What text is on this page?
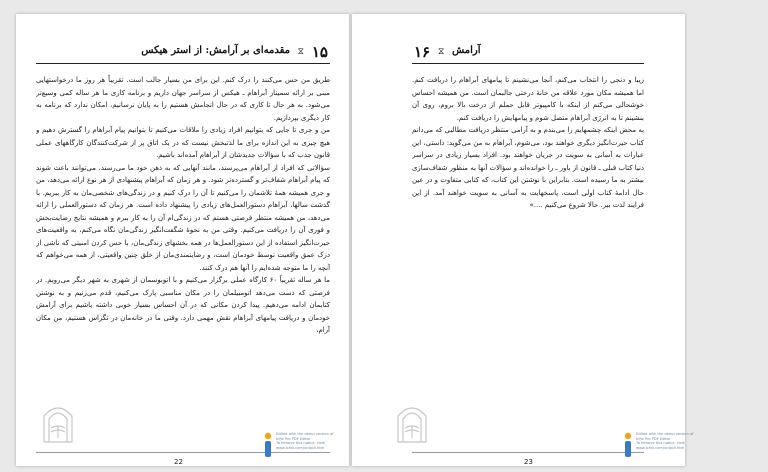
۱۵
⧖
مقدمه‌ای بر آرامش: از استر هیکس

طریق من حس می‌کنند را درک کنم. این برای من بسیار جالب است. تقریباً هر روز ما درخواستهایی مبنی بر ارائه سمینار آبراهام ـ هیکس از سراسر جهان داریم و برنامه کاری ما هر ساله کمی وسیع‌تر می‌شود. به هر حال تا کاری که در حال انجامش هستیم را به پایان نرسانیم، امکان ندارد که برنامه به کار دیگری بپردازیم.

من و جری تا جایی که بتوانیم افراد زیادی را ملاقات می‌کنیم تا بتوانیم پیام آبراهام را گسترش دهیم و هیچ چیزی به این اندازه برای ما لذتبخش نیست که در یک اتاق پر از شرکت‌کنندگان کارگاههای عملی قانون جذب که با سؤالات جدیدشان از آبراهام آمده‌اند باشیم.

سؤالاتی که افراد از آبراهام می‌پرسند، مانند آنهایی که به ذهن خود ما می‌رسند، می‌توانند باعث شوند که پیام آبراهام شفاف‌تر و گسترده‌تر شود. و هر زمان که آبراهام پیشنهادی از هر نوع ارائه می‌دهد، من و جری همیشه همهٔ تلاشمان را می‌کنیم تا آن را درک کنیم و در زندگی‌های شخصی‌مان به کار ببریم. با گذشت سالها، آبراهام دستورالعمل‌های زیادی را پیشنهاد داده است. هر زمان که دستورالعملی را ارائه می‌دهد، من همیشه منتظر فرصتی هستم که در زندگی‌ام آن را به کار ببرم و همیشه نتایج رضایت‌بخش و فوری آن را دریافت می‌کنیم. وقتی من به نحوهٔ شگفت‌انگیز زندگی‌مان نگاه می‌کنم، به واقعیت‌های حیرت‌انگیز استفاده از این دستورالعمل‌ها در همه بخشهای زندگی‌مان، با حس کردن امنیتی که ناشی از درک عمق واقعیت توسط خودمان است، و رضایتمندی‌مان از خلق چنین واقعیتی، از همه می‌خواهم که آنچه را ما متوجه شده‌ایم را آنها هم درک کنند.

ما هر ساله تقریباً ۶۰ کارگاه عملی برگزار می‌کنیم و با اتوبوسمان از شهری به شهر دیگر می‌رویم. در فرصتی که دست می‌دهد اتومبیلمان را در مکان مناسبی پارک می‌کنیم، قدم می‌زنیم و به نوشتن کتابمان ادامه می‌دهیم. پیدا کردن مکانی که در آن احساس بسیار خوبی داشته باشیم برای آرامش خودمان و دریافت پیامهای آبراهام نقش مهمی دارد. وقتی ما در خانه‌مان در تگزاس هستیم، من مکان آرام،

22
۱۶ ⧖ آرامش

زیبا و دنجی را انتخاب می‌کنم، آنجا می‌نشینم تا پیامهای آبراهام را دریافت کنم. اما همیشه مکان مورد علاقه من خانهٔ درختی جالبمان است. من همیشه احساس خوشحالی می‌کنم از اینکه با کامپیوتر قابل حملم از درخت بالا بروم، روی آن بنشینم تا به انرژی آبراهام متصل شوم و پیامهایش را دریافت کنم.

به محض اینکه چشمهایم را می‌بندم و به آرامی منتظر دریافت مطالبی که می‌دانم کتاب حیرت‌انگیز دیگری خواهند بود، می‌شوم، آبراهام به من می‌گوید: داستی، این عبارات به آسانی به سویت در جریان خواهند بود. افراد بسیار زیادی در سراسر دنیا کتاب قبلی ـ قانون از باور ـ را خوانده‌اند و سؤالات آنها به منظور شفاف‌سازی بیشتر به ما رسیده است. بنابراین با نوشتن این کتاب، که کتابی متفاوت و در عین حال ادامهٔ کتاب اولی است، پاسخهایت به آسانی به سویت خواهند آمد. از این فرایند لذت ببر. حالا شروع می‌کنیم ....»

23
Edited with the demo version of
Infix Pro PDF Editor
To remove this notice, visit:
www.iceni.com/unlock.htm
Edited with the demo version of
Infix Pro PDF Editor
To remove this notice, visit:
www.iceni.com/unlock.htm
